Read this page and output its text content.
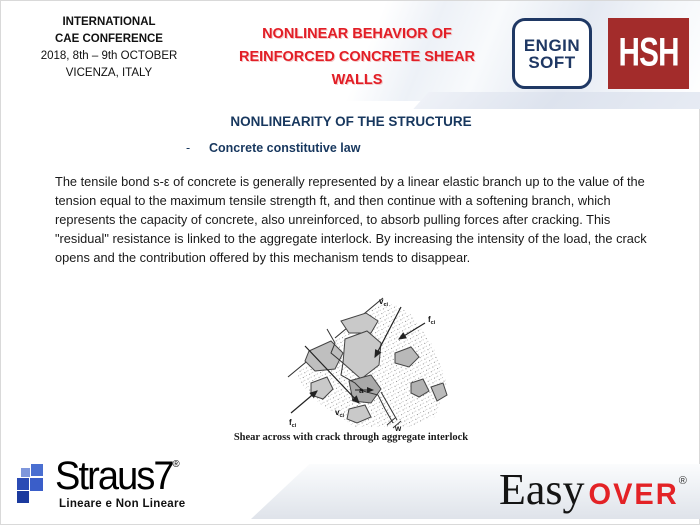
INTERNATIONAL
CAE CONFERENCE
2018, 8th – 9th OCTOBER
VICENZA, ITALY
NONLINEAR BEHAVIOR OF
REINFORCED CONCRETE SHEAR
WALLS
ENGIN
SOFT HSH
NONLINEARITY OF THE STRUCTURE
- Concrete constitutive law
The tensile bond s-ε of concrete is generally represented by a linear elastic branch up to the value of the tension equal to the maximum tensile strength ft, and then continue with a softening branch, which represents the capacity of concrete, also unreinforced, to absorb pulling forces after cracking. This "residual" resistance is linked to the aggregate interlock. By increasing the intensity of the load, the crack opens and the contribution offered by this mechanism tends to disappear.
$v_{ci}$
$f_{ci}$
$f_{ci}$
$v_{ci}$
a
w
Shear across with crack through aggregate interlock
Straus7®
Lineare e Non Lineare	Easy OVER ®
